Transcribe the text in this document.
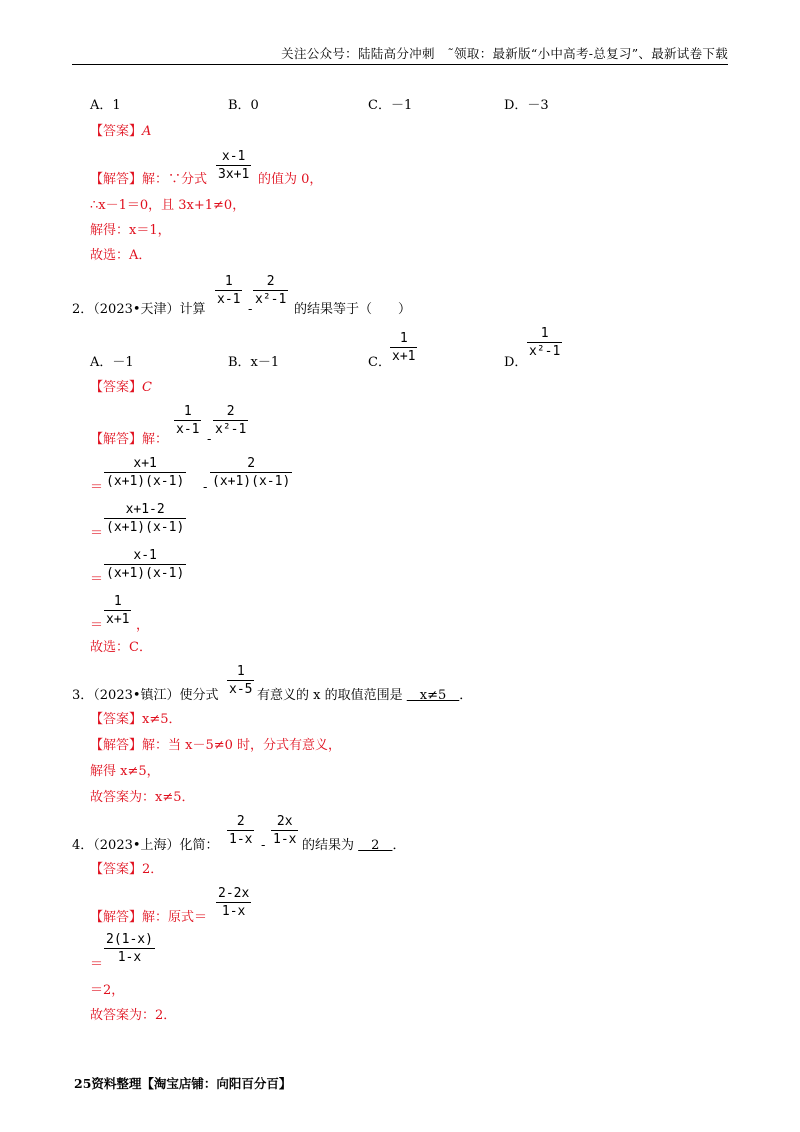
关注公众号：陆陆高分冲刺　˜领取：最新版“小中高考-总复习”、最新试卷下载
A．1	B．0	C．－1	D．－3
【答案】A
【解答】解：∵分式
x-1
3x+1 的值为 0，
∴x－1＝0，且 3x+1≠0，
解得：x＝1，
故选：A．
2．（2023•天津）计算
1
x-1
-
2
x²-1
的结果等于（　　）
A．－1	B．x－1	C．
1
x+1	D．
1
x²-1
【答案】C
【解答】解：
1
x-1
-
2
x²-1
＝
x+1
(x+1)(x-1) -
2
(x+1)(x-1)
＝
x+1-2
(x+1)(x-1)
＝
x-1
(x+1)(x-1)
＝
1
x+1 ，
故选：C．
3．（2023•镇江）使分式
1
x-5 有意义的 x 的取值范围是 　x≠5　．
【答案】x≠5．
【解答】解：当 x－5≠0 时，分式有意义，
解得 x≠5，
故答案为：x≠5．
4．（2023•上海）化简：
2
1-x -
2x
1-x 的结果为 　2　．
【答案】2．
【解答】解：原式＝
2-2x
1-x
＝
2(1-x)
1-x
＝2，
故答案为：2．
25资料整理【淘宝店铺：向阳百分百】
